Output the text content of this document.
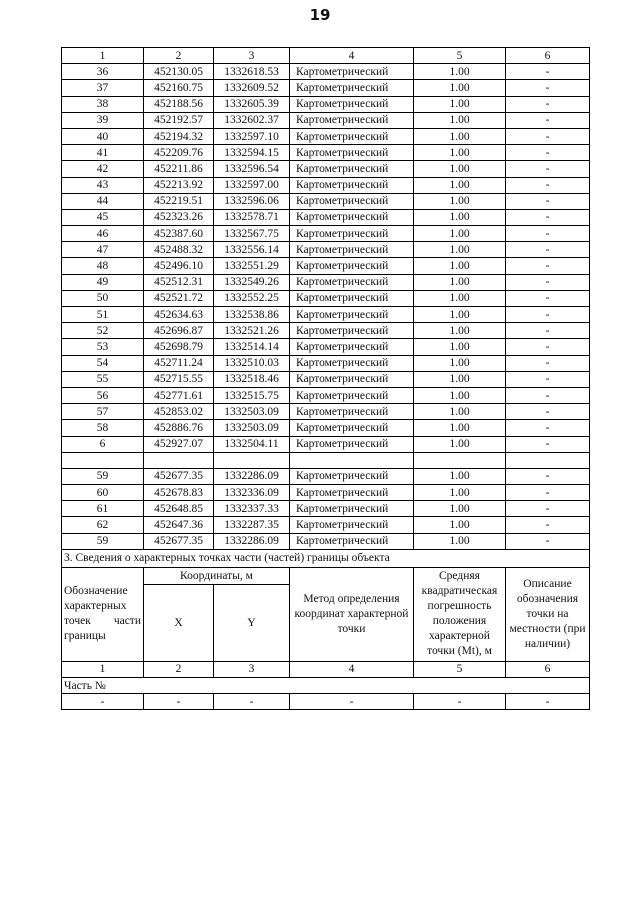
19
1	2	3	4	5	6
36	452130.05	1332618.53	Картометрический	1.00	-
37	452160.75	1332609.52	Картометрический	1.00	-
38	452188.56	1332605.39	Картометрический	1.00	-
39	452192.57	1332602.37	Картометрический	1.00	-
40	452194.32	1332597.10	Картометрический	1.00	-
41	452209.76	1332594.15	Картометрический	1.00	-
42	452211.86	1332596.54	Картометрический	1.00	-
43	452213.92	1332597.00	Картометрический	1.00	-
44	452219.51	1332596.06	Картометрический	1.00	-
45	452323.26	1332578.71	Картометрический	1.00	-
46	452387.60	1332567.75	Картометрический	1.00	-
47	452488.32	1332556.14	Картометрический	1.00	-
48	452496.10	1332551.29	Картометрический	1.00	-
49	452512.31	1332549.26	Картометрический	1.00	-
50	452521.72	1332552.25	Картометрический	1.00	-
51	452634.63	1332538.86	Картометрический	1.00	-
52	452696.87	1332521.26	Картометрический	1.00	-
53	452698.79	1332514.14	Картометрический	1.00	-
54	452711.24	1332510.03	Картометрический	1.00	-
55	452715.55	1332518.46	Картометрический	1.00	-
56	452771.61	1332515.75	Картометрический	1.00	-
57	452853.02	1332503.09	Картометрический	1.00	-
58	452886.76	1332503.09	Картометрический	1.00	-
6	452927.07	1332504.11	Картометрический	1.00	-

59	452677.35	1332286.09	Картометрический	1.00	-
60	452678.83	1332336.09	Картометрический	1.00	-
61	452648.85	1332337.33	Картометрический	1.00	-
62	452647.36	1332287.35	Картометрический	1.00	-
59	452677.35	1332286.09	Картометрический	1.00	-
3. Сведения о характерных точках части (частей) границы объекта					
Обозначение характерных точек части границы	Координаты, м		Метод определения координат характерной точки	Средняя квадратическая погрешность положения характерной точки (Mt), м	Описание обозначения точки на местности (при наличии)
	X	Y			
1	2	3	4	5	6
Часть №					
-	-	-	-	-	-
